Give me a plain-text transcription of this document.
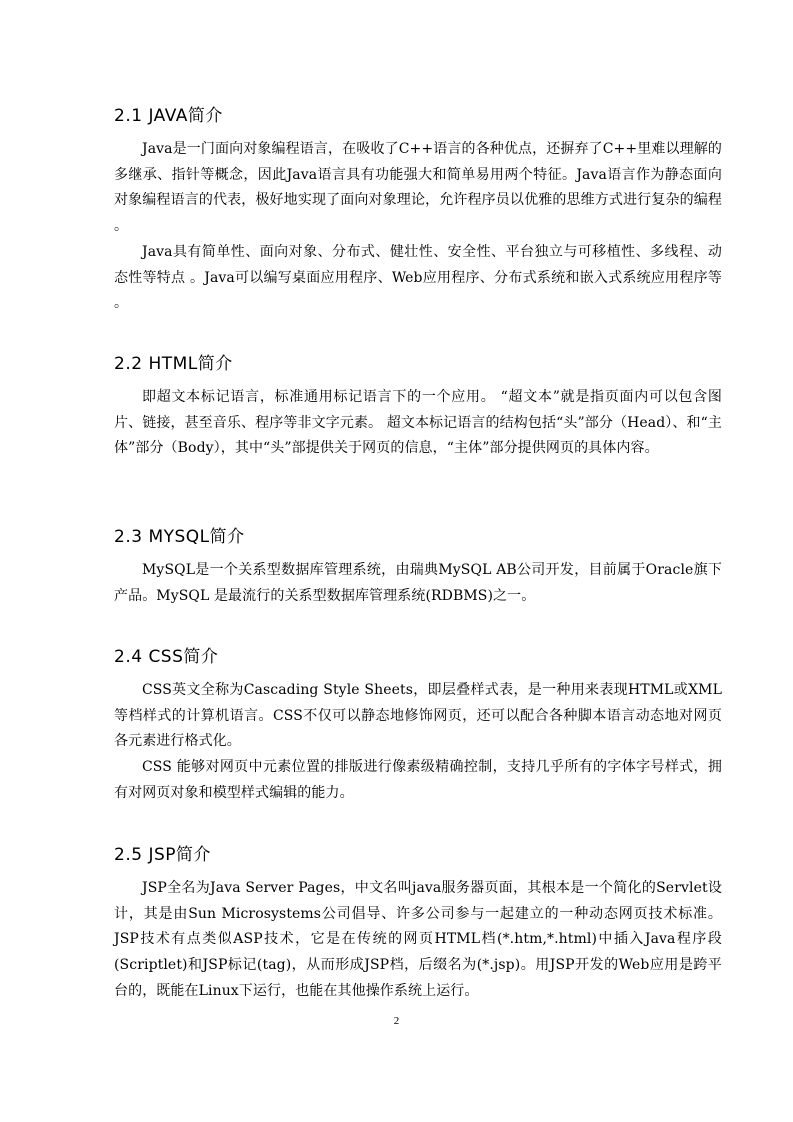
2.1 JAVA简介

Java是一门面向对象编程语言，在吸收了C++语言的各种优点，还摒弃了C++里难以理解的多继承、指针等概念，因此Java语言具有功能强大和简单易用两个特征。Java语言作为静态面向对象编程语言的代表，极好地实现了面向对象理论，允许程序员以优雅的思维方式进行复杂的编程 。

Java具有简单性、面向对象、分布式、健壮性、安全性、平台独立与可移植性、多线程、动态性等特点 。Java可以编写桌面应用程序、Web应用程序、分布式系统和嵌入式系统应用程序等 。

2.2 HTML简介

即超文本标记语言，标准通用标记语言下的一个应用。 “超文本”就是指页面内可以包含图片、链接，甚至音乐、程序等非文字元素。 超文本标记语言的结构包括“头”部分（Head）、和“主体”部分（Body），其中“头”部提供关于网页的信息，“主体”部分提供网页的具体内容。

2.3 MYSQL简介

MySQL是一个关系型数据库管理系统，由瑞典MySQL AB公司开发，目前属于Oracle旗下产品。MySQL 是最流行的关系型数据库管理系统(RDBMS)之一。

2.4 CSS简介

CSS英文全称为Cascading Style Sheets，即层叠样式表，是一种用来表现HTML或XML等档样式的计算机语言。CSS不仅可以静态地修饰网页，还可以配合各种脚本语言动态地对网页各元素进行格式化。

CSS 能够对网页中元素位置的排版进行像素级精确控制，支持几乎所有的字体字号样式，拥有对网页对象和模型样式编辑的能力。

2.5 JSP简介

JSP全名为Java Server Pages，中文名叫java服务器页面，其根本是一个简化的Servlet设计，其是由Sun Microsystems公司倡导、许多公司参与一起建立的一种动态网页技术标准。JSP技术有点类似ASP技术，它是在传统的网页HTML档(*.htm,*.html)中插入Java程序段(Scriptlet)和JSP标记(tag)，从而形成JSP档，后缀名为(*.jsp)。用JSP开发的Web应用是跨平台的，既能在Linux下运行，也能在其他操作系统上运行。

2
